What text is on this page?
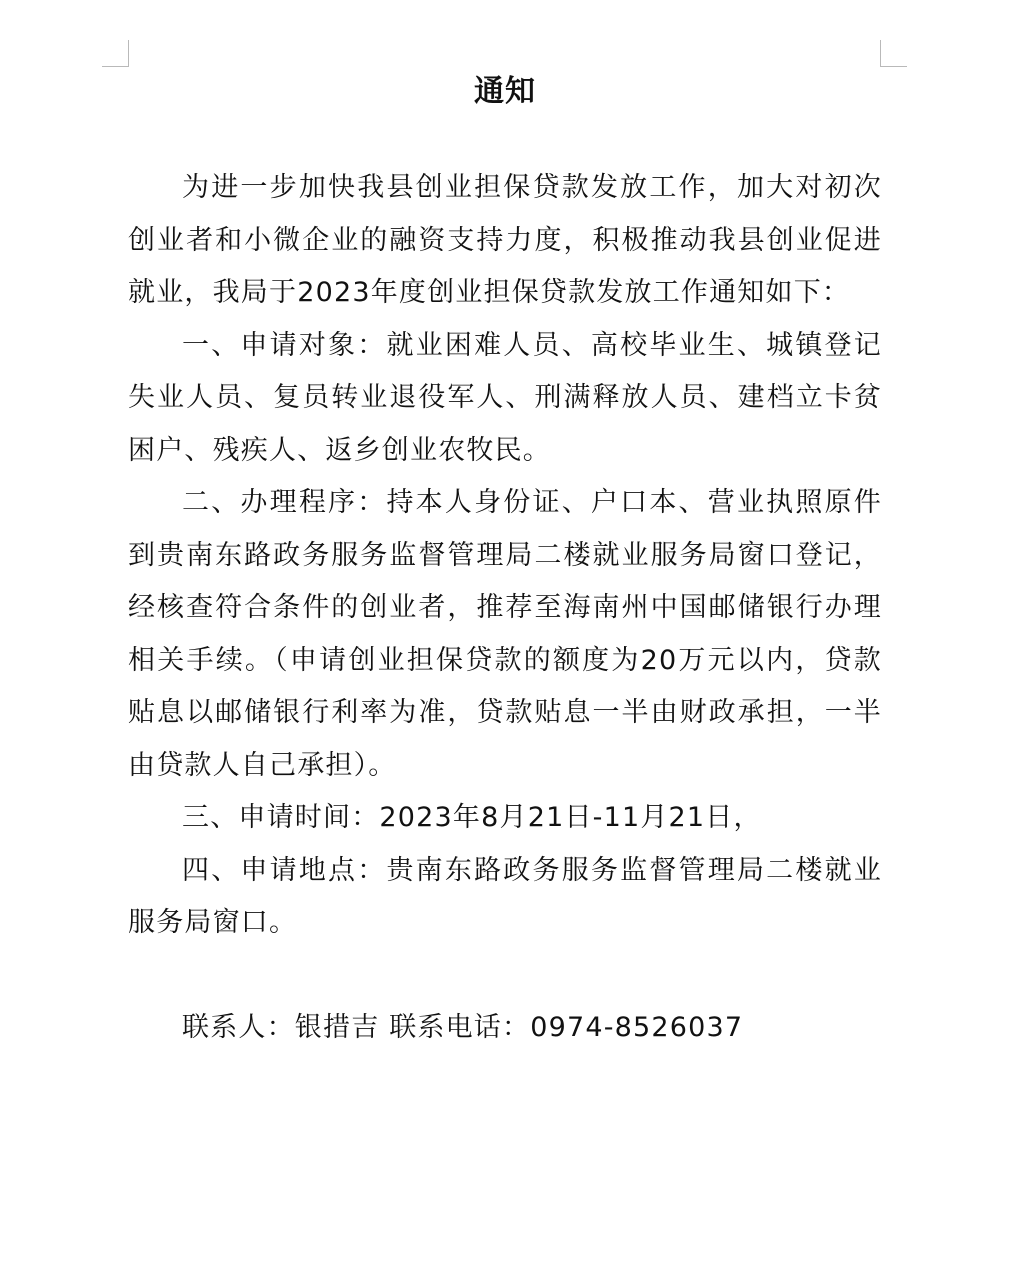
通知

为进一步加快我县创业担保贷款发放工作，加大对初次创业者和小微企业的融资支持力度，积极推动我县创业促进就业，我局于2023年度创业担保贷款发放工作通知如下：

一、申请对象：就业困难人员、高校毕业生、城镇登记失业人员、复员转业退役军人、刑满释放人员、建档立卡贫困户、残疾人、返乡创业农牧民。

二、办理程序：持本人身份证、户口本、营业执照原件到贵南东路政务服务监督管理局二楼就业服务局窗口登记，经核查符合条件的创业者，推荐至海南州中国邮储银行办理相关手续。（申请创业担保贷款的额度为20万元以内，贷款贴息以邮储银行利率为准，贷款贴息一半由财政承担，一半由贷款人自己承担）。

三、申请时间：2023年8月21日-11月21日，

四、申请地点：贵南东路政务服务监督管理局二楼就业服务局窗口。

联系人：银措吉 联系电话：0974-8526037
